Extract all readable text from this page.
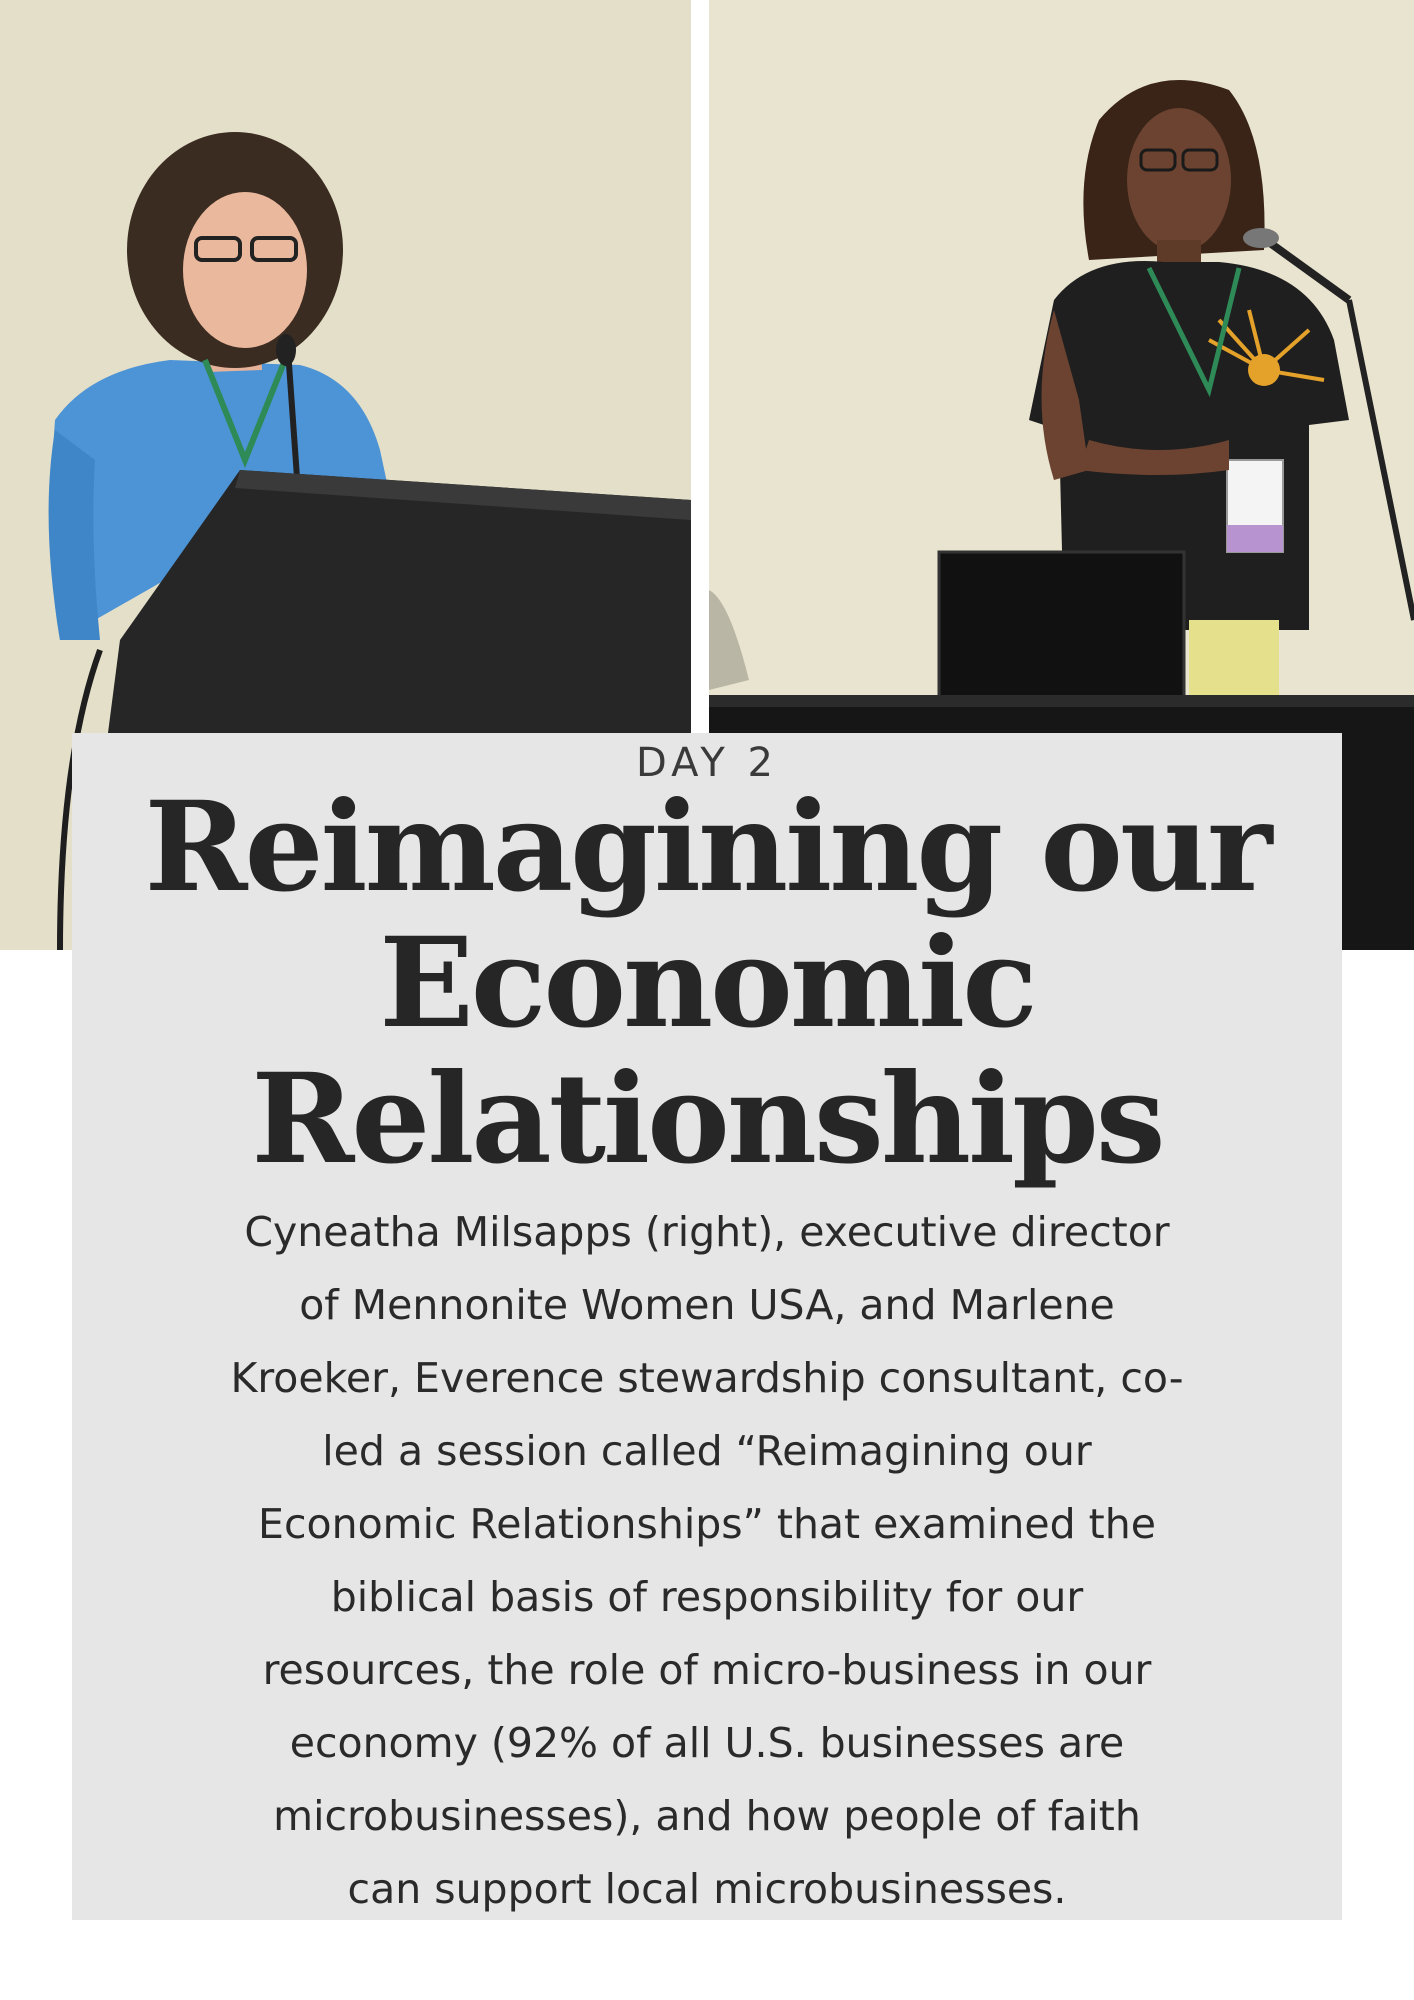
DAY 2

Reimagining our
Economic
Relationships

Cyneatha Milsapps (right), executive director
of Mennonite Women USA, and Marlene
Kroeker, Everence stewardship consultant, co-
led a session called “Reimagining our
Economic Relationships” that examined the
biblical basis of responsibility for our
resources, the role of micro-business in our
economy (92% of all U.S. businesses are
microbusinesses), and how people of faith
can support local microbusinesses.
